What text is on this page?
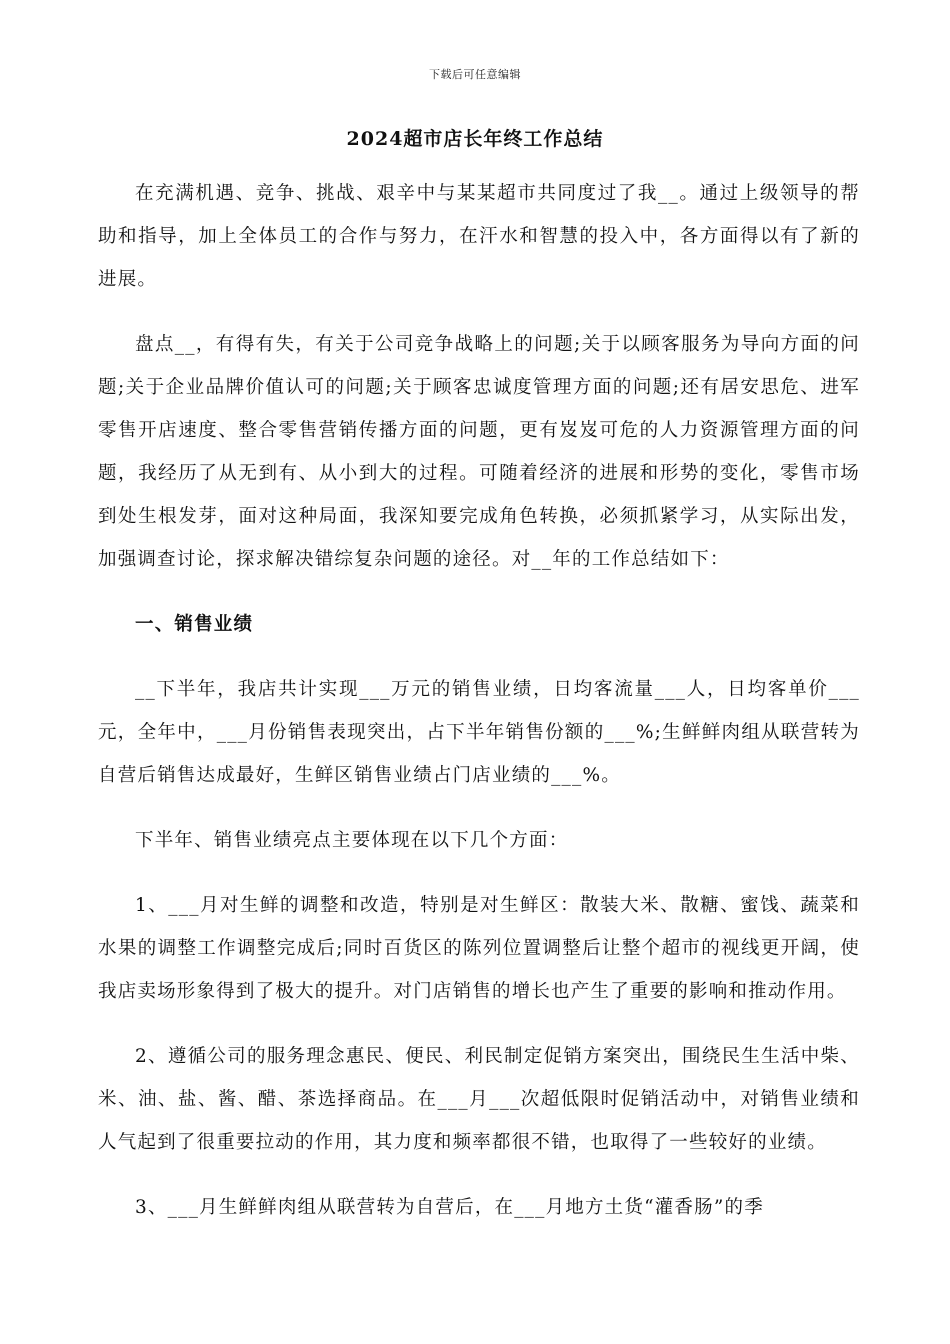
下载后可任意编辑
2024超市店长年终工作总结

在充满机遇、竞争、挑战、艰辛中与某某超市共同度过了我__。通过上级领导的帮助和指导，加上全体员工的合作与努力，在汗水和智慧的投入中，各方面得以有了新的进展。

盘点__，有得有失，有关于公司竞争战略上的问题;关于以顾客服务为导向方面的问题;关于企业品牌价值认可的问题;关于顾客忠诚度管理方面的问题;还有居安思危、进军零售开店速度、整合零售营销传播方面的问题，更有岌岌可危的人力资源管理方面的问题，我经历了从无到有、从小到大的过程。可随着经济的进展和形势的变化，零售市场到处生根发芽，面对这种局面，我深知要完成角色转换，必须抓紧学习，从实际出发，加强调查讨论，探求解决错综复杂问题的途径。对__年的工作总结如下：

一、销售业绩

__下半年，我店共计实现___万元的销售业绩，日均客流量___人，日均客单价___元，全年中，___月份销售表现突出，占下半年销售份额的___%;生鲜鲜肉组从联营转为自营后销售达成最好，生鲜区销售业绩占门店业绩的___%。

下半年、销售业绩亮点主要体现在以下几个方面：

1、___月对生鲜的调整和改造，特别是对生鲜区：散装大米、散糖、蜜饯、蔬菜和水果的调整工作调整完成后;同时百货区的陈列位置调整后让整个超市的视线更开阔，使我店卖场形象得到了极大的提升。对门店销售的增长也产生了重要的影响和推动作用。

2、遵循公司的服务理念惠民、便民、利民制定促销方案突出，围绕民生生活中柴、米、油、盐、酱、醋、茶选择商品。在___月___次超低限时促销活动中，对销售业绩和人气起到了很重要拉动的作用，其力度和频率都很不错，也取得了一些较好的业绩。

3、___月生鲜鲜肉组从联营转为自营后，在___月地方土货“灌香肠”的季
